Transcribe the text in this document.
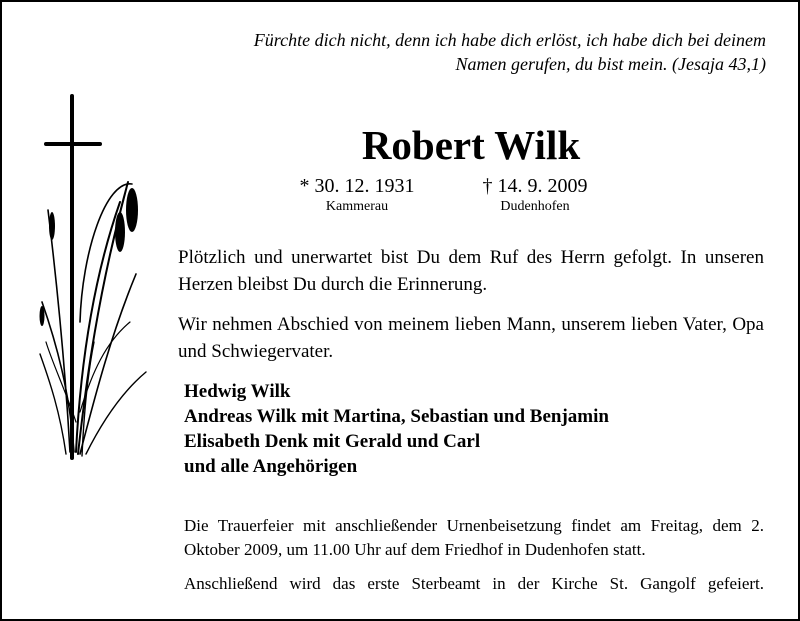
Fürchte dich nicht, denn ich habe dich erlöst, ich habe dich bei deinem
Namen gerufen, du bist mein. (Jesaja 43,1)
Robert Wilk
* 30. 12. 1931
Kammerau
† 14. 9. 2009
Dudenhofen
Plötzlich und unerwartet bist Du dem Ruf des Herrn gefolgt. In unseren Herzen bleibst Du durch die Erinnerung.
Wir nehmen Abschied von meinem lieben Mann, unserem lieben Vater, Opa und Schwiegervater.
Hedwig Wilk
Andreas Wilk mit Martina, Sebastian und Benjamin
Elisabeth Denk mit Gerald und Carl
und alle Angehörigen
Die Trauerfeier mit anschließender Urnenbeisetzung findet am Freitag, dem 2. Oktober 2009, um 11.00 Uhr auf dem Friedhof in Dudenhofen statt.
Anschließend wird das erste Sterbeamt in der Kirche St. Gangolf gefeiert.
